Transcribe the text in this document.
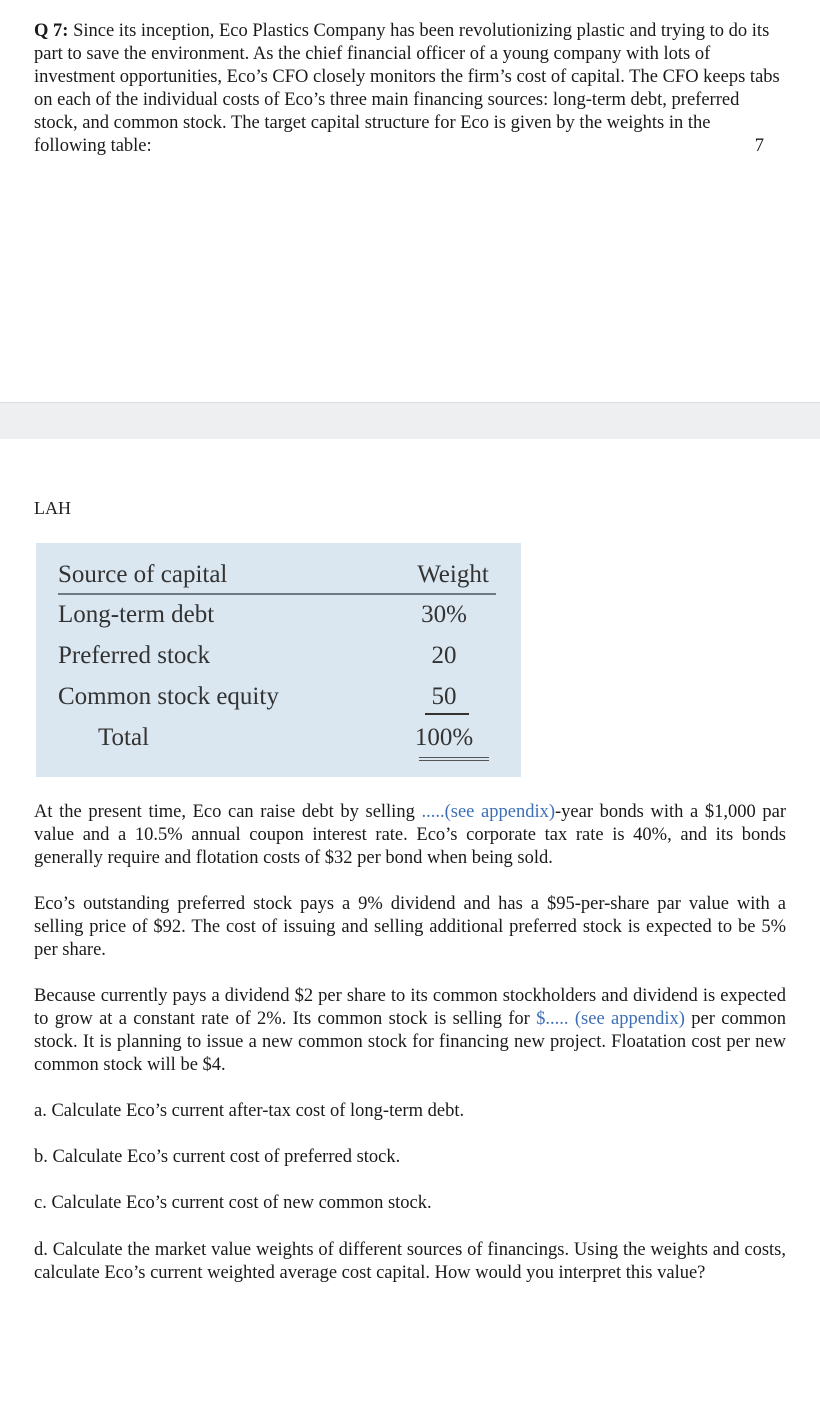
Q 7: Since its inception, Eco Plastics Company has been revolutionizing plastic and trying to do its part to save the environment. As the chief financial officer of a young company with lots of investment opportunities, Eco’s CFO closely monitors the firm’s cost of capital. The CFO keeps tabs on each of the individual costs of Eco’s three main financing sources: long-term debt, preferred stock, and common stock. The target capital structure for Eco is given by the weights in the following table:	7
LAH
Source of capital	Weight
Long-term debt	30%
Preferred stock	20
Common stock equity	50
Total	100%

At the present time, Eco can raise debt by selling .....(see appendix)-year bonds with a $1,000 par value and a 10.5% annual coupon interest rate. Eco’s corporate tax rate is 40%, and its bonds generally require and flotation costs of $32 per bond when being sold.

Eco’s outstanding preferred stock pays a 9% dividend and has a $95-per-share par value with a selling price of $92. The cost of issuing and selling additional preferred stock is expected to be 5% per share.

Because currently pays a dividend $2 per share to its common stockholders and dividend is expected to grow at a constant rate of 2%. Its common stock is selling for $..... (see appendix) per common stock. It is planning to issue a new common stock for financing new project. Floatation cost per new common stock will be $4.

a. Calculate Eco’s current after-tax cost of long-term debt.

b. Calculate Eco’s current cost of preferred stock.

c. Calculate Eco’s current cost of new common stock.

d. Calculate the market value weights of different sources of financings. Using the weights and costs, calculate Eco’s current weighted average cost capital. How would you interpret this value?
